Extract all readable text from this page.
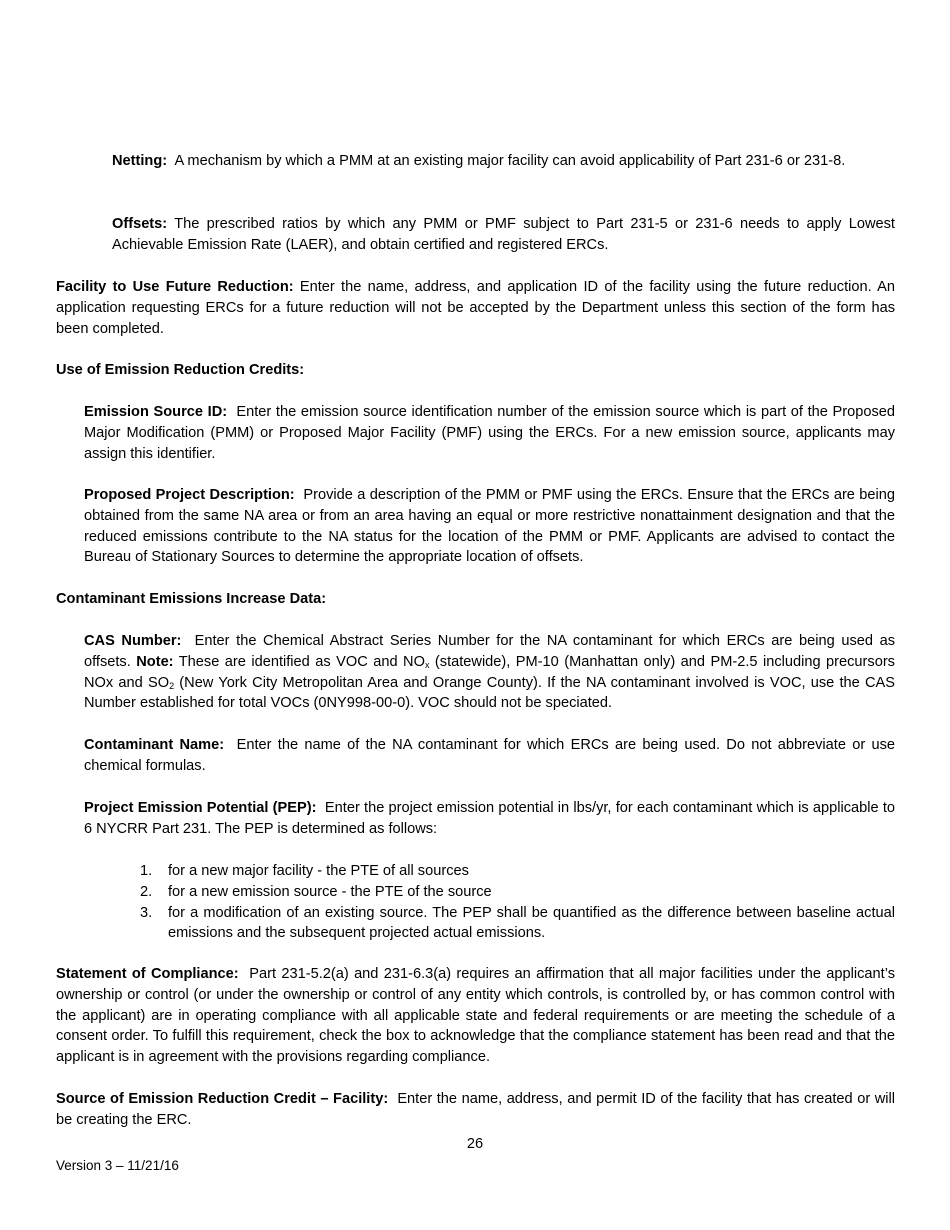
Netting: A mechanism by which a PMM at an existing major facility can avoid applicability of Part 231-6 or 231-8.

Offsets: The prescribed ratios by which any PMM or PMF subject to Part 231-5 or 231-6 needs to apply Lowest Achievable Emission Rate (LAER), and obtain certified and registered ERCs.

Facility to Use Future Reduction: Enter the name, address, and application ID of the facility using the future reduction. An application requesting ERCs for a future reduction will not be accepted by the Department unless this section of the form has been completed.

Use of Emission Reduction Credits:

Emission Source ID: Enter the emission source identification number of the emission source which is part of the Proposed Major Modification (PMM) or Proposed Major Facility (PMF) using the ERCs. For a new emission source, applicants may assign this identifier.

Proposed Project Description: Provide a description of the PMM or PMF using the ERCs. Ensure that the ERCs are being obtained from the same NA area or from an area having an equal or more restrictive nonattainment designation and that the reduced emissions contribute to the NA status for the location of the PMM or PMF. Applicants are advised to contact the Bureau of Stationary Sources to determine the appropriate location of offsets.

Contaminant Emissions Increase Data:

CAS Number: Enter the Chemical Abstract Series Number for the NA contaminant for which ERCs are being used as offsets. Note: These are identified as VOC and $NO_x$ (statewide), PM-10 (Manhattan only) and PM-2.5 including precursors NOx and $SO_2$ (New York City Metropolitan Area and Orange County). If the NA contaminant involved is VOC, use the CAS Number established for total VOCs (0NY998-00-0). VOC should not be speciated.

Contaminant Name: Enter the name of the NA contaminant for which ERCs are being used. Do not abbreviate or use chemical formulas.

Project Emission Potential (PEP): Enter the project emission potential in lbs/yr, for each contaminant which is applicable to 6 NYCRR Part 231. The PEP is determined as follows:

1. for a new major facility - the PTE of all sources
2. for a new emission source - the PTE of the source
3. for a modification of an existing source. The PEP shall be quantified as the difference between baseline actual emissions and the subsequent projected actual emissions.

Statement of Compliance: Part 231-5.2(a) and 231-6.3(a) requires an affirmation that all major facilities under the applicant’s ownership or control (or under the ownership or control of any entity which controls, is controlled by, or has common control with the applicant) are in operating compliance with all applicable state and federal requirements or are meeting the schedule of a consent order. To fulfill this requirement, check the box to acknowledge that the compliance statement has been read and that the applicant is in agreement with the provisions regarding compliance.

Source of Emission Reduction Credit – Facility: Enter the name, address, and permit ID of the facility that has created or will be creating the ERC.

26
Version 3 – 11/21/16
